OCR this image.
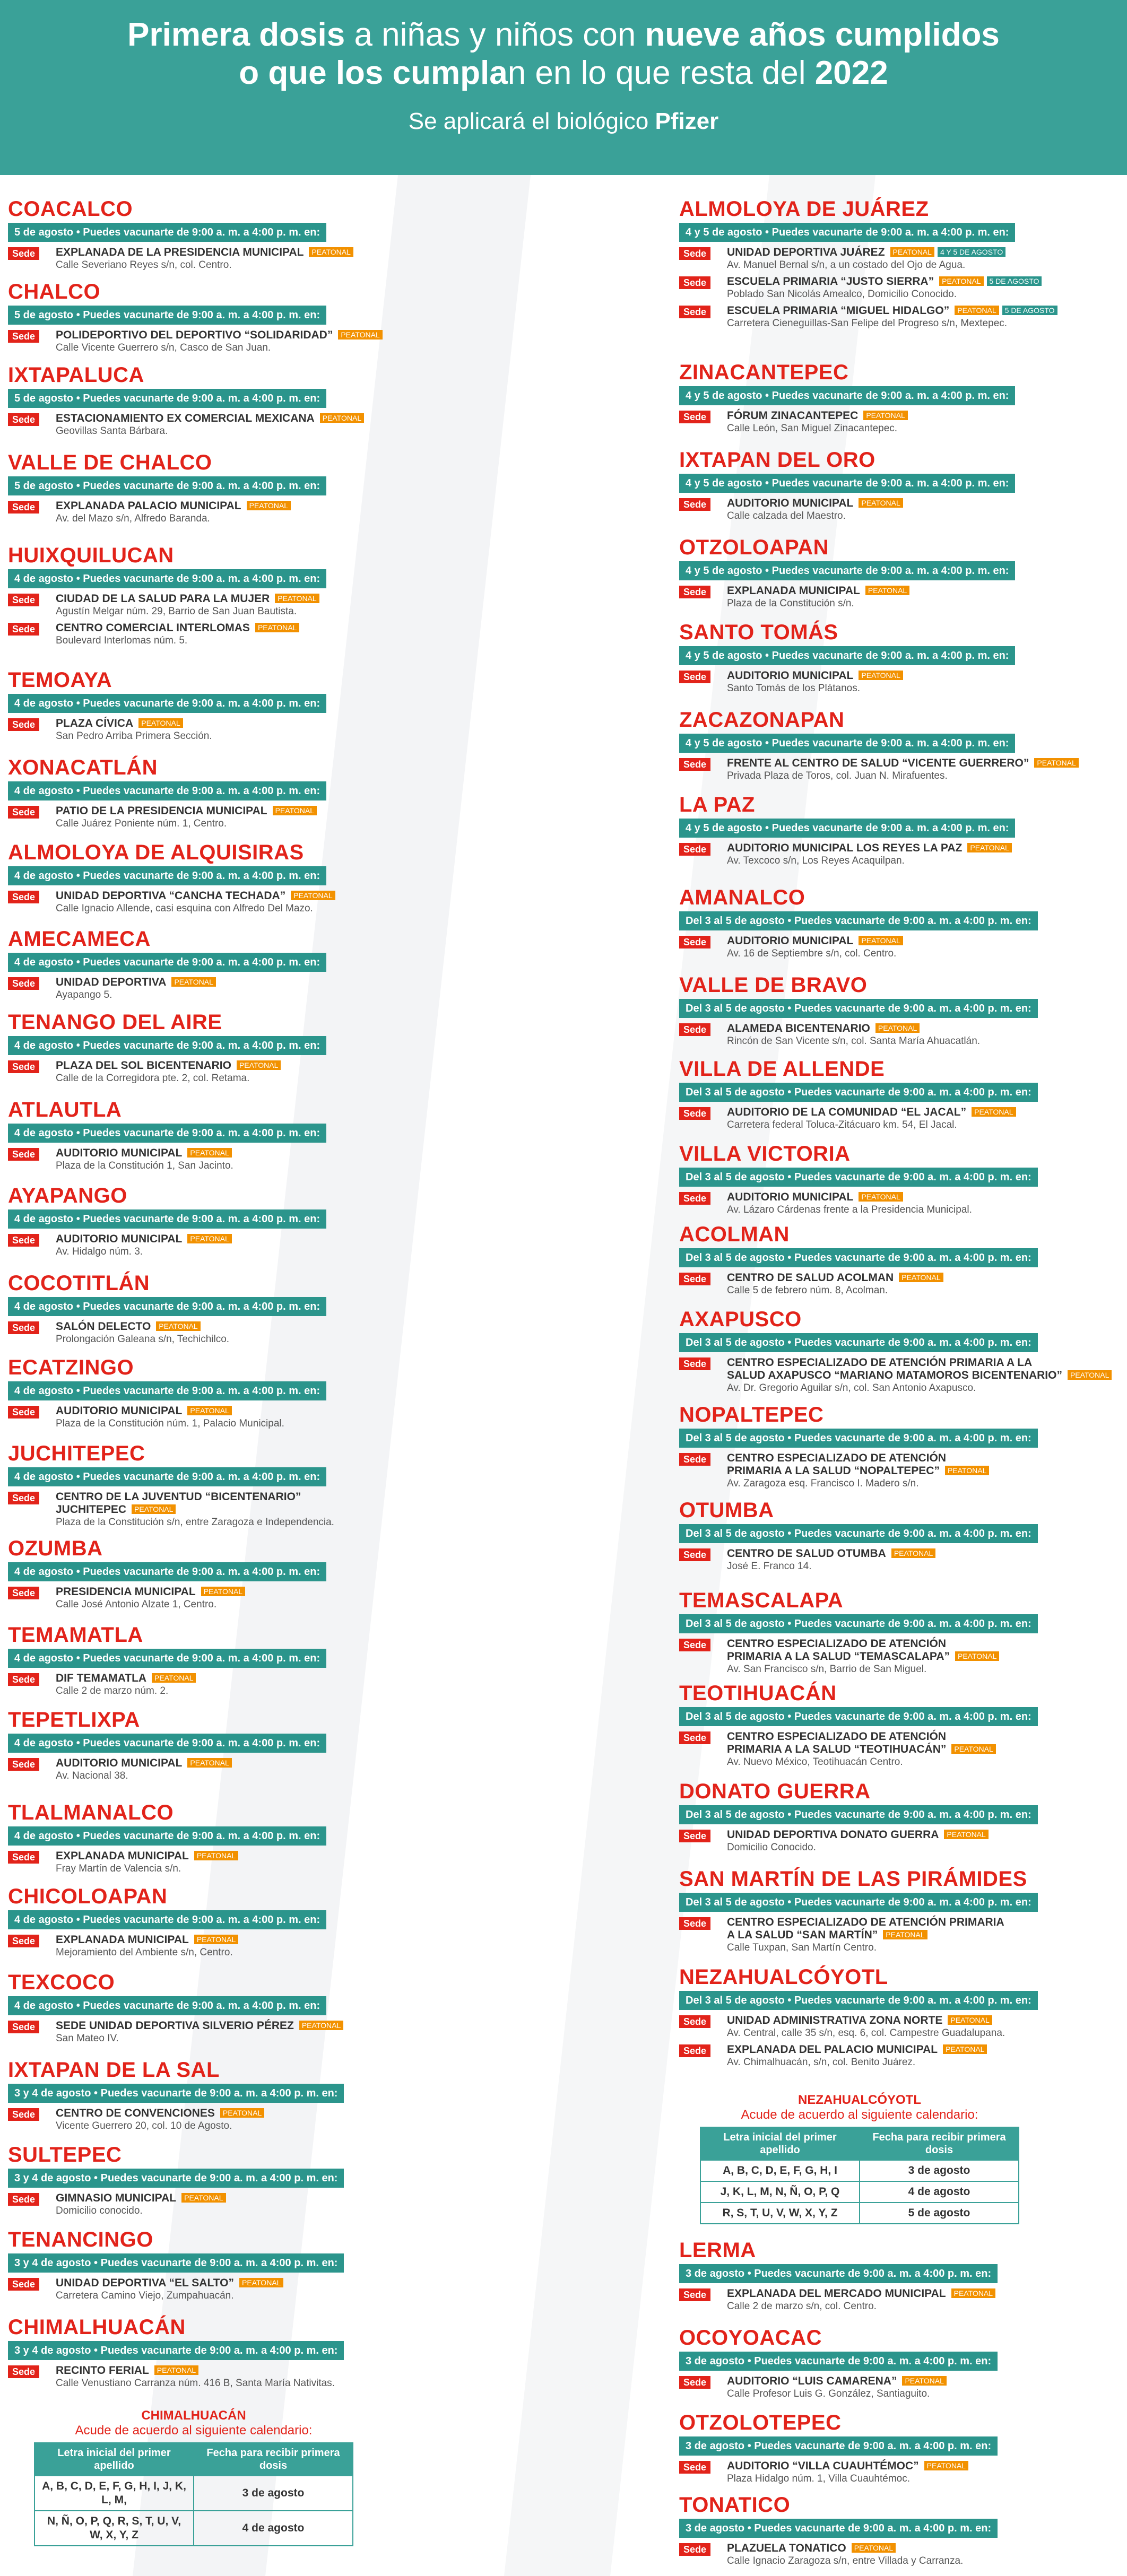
Primera dosis a niñas y niños con nueve años cumplidos
o que los cumplan en lo que resta del 2022
Se aplicará el biológico Pfizer
COACALCO
5 de agosto • Puedes vacunarte de 9:00 a. m. a 4:00 p. m. en:
Sede	EXPLANADA DE LA PRESIDENCIA MUNICIPAL PEATONAL
Calle Severiano Reyes s/n, col. Centro.
CHALCO
5 de agosto • Puedes vacunarte de 9:00 a. m. a 4:00 p. m. en:
Sede	POLIDEPORTIVO DEL DEPORTIVO “SOLIDARIDAD” PEATONAL
Calle Vicente Guerrero s/n, Casco de San Juan.
IXTAPALUCA
5 de agosto • Puedes vacunarte de 9:00 a. m. a 4:00 p. m. en:
Sede	ESTACIONAMIENTO EX COMERCIAL MEXICANA PEATONAL
Geovillas Santa Bárbara.
VALLE DE CHALCO
5 de agosto • Puedes vacunarte de 9:00 a. m. a 4:00 p. m. en:
Sede	EXPLANADA PALACIO MUNICIPAL PEATONAL
Av. del Mazo s/n, Alfredo Baranda.
HUIXQUILUCAN
4 de agosto • Puedes vacunarte de 9:00 a. m. a 4:00 p. m. en:
Sede	CIUDAD DE LA SALUD PARA LA MUJER PEATONAL
Agustín Melgar núm. 29, Barrio de San Juan Bautista.
Sede	CENTRO COMERCIAL INTERLOMAS PEATONAL
Boulevard Interlomas núm. 5.
TEMOAYA
4 de agosto • Puedes vacunarte de 9:00 a. m. a 4:00 p. m. en:
Sede	PLAZA CÍVICA PEATONAL
San Pedro Arriba Primera Sección.
XONACATLÁN
4 de agosto • Puedes vacunarte de 9:00 a. m. a 4:00 p. m. en:
Sede	PATIO DE LA PRESIDENCIA MUNICIPAL PEATONAL
Calle Juárez Poniente núm. 1, Centro.
ALMOLOYA DE ALQUISIRAS
4 de agosto • Puedes vacunarte de 9:00 a. m. a 4:00 p. m. en:
Sede	UNIDAD DEPORTIVA “CANCHA TECHADA” PEATONAL
Calle Ignacio Allende, casi esquina con Alfredo Del Mazo.
AMECAMECA
4 de agosto • Puedes vacunarte de 9:00 a. m. a 4:00 p. m. en:
Sede	UNIDAD DEPORTIVA PEATONAL
Ayapango 5.
TENANGO DEL AIRE
4 de agosto • Puedes vacunarte de 9:00 a. m. a 4:00 p. m. en:
Sede	PLAZA DEL SOL BICENTENARIO PEATONAL
Calle de la Corregidora pte. 2, col. Retama.
ATLAUTLA
4 de agosto • Puedes vacunarte de 9:00 a. m. a 4:00 p. m. en:
Sede	AUDITORIO MUNICIPAL PEATONAL
Plaza de la Constitución 1, San Jacinto.
AYAPANGO
4 de agosto • Puedes vacunarte de 9:00 a. m. a 4:00 p. m. en:
Sede	AUDITORIO MUNICIPAL PEATONAL
Av. Hidalgo núm. 3.
COCOTITLÁN
4 de agosto • Puedes vacunarte de 9:00 a. m. a 4:00 p. m. en:
Sede	SALÓN DELECTO PEATONAL
Prolongación Galeana s/n, Techichilco.
ECATZINGO
4 de agosto • Puedes vacunarte de 9:00 a. m. a 4:00 p. m. en:
Sede	AUDITORIO MUNICIPAL PEATONAL
Plaza de la Constitución núm. 1, Palacio Municipal.
JUCHITEPEC
4 de agosto • Puedes vacunarte de 9:00 a. m. a 4:00 p. m. en:
Sede	CENTRO DE LA JUVENTUD “BICENTENARIO”
JUCHITEPEC PEATONAL
Plaza de la Constitución s/n, entre Zaragoza e Independencia.
OZUMBA
4 de agosto • Puedes vacunarte de 9:00 a. m. a 4:00 p. m. en:
Sede	PRESIDENCIA MUNICIPAL PEATONAL
Calle José Antonio Alzate 1, Centro.
TEMAMATLA
4 de agosto • Puedes vacunarte de 9:00 a. m. a 4:00 p. m. en:
Sede	DIF TEMAMATLA PEATONAL
Calle 2 de marzo núm. 2.
TEPETLIXPA
4 de agosto • Puedes vacunarte de 9:00 a. m. a 4:00 p. m. en:
Sede	AUDITORIO MUNICIPAL PEATONAL
Av. Nacional 38.
TLALMANALCO
4 de agosto • Puedes vacunarte de 9:00 a. m. a 4:00 p. m. en:
Sede	EXPLANADA MUNICIPAL PEATONAL
Fray Martín de Valencia s/n.
CHICOLOAPAN
4 de agosto • Puedes vacunarte de 9:00 a. m. a 4:00 p. m. en:
Sede	EXPLANADA MUNICIPAL PEATONAL
Mejoramiento del Ambiente s/n, Centro.
TEXCOCO
4 de agosto • Puedes vacunarte de 9:00 a. m. a 4:00 p. m. en:
Sede	SEDE UNIDAD DEPORTIVA SILVERIO PÉREZ PEATONAL
San Mateo IV.
IXTAPAN DE LA SAL
3 y 4 de agosto • Puedes vacunarte de 9:00 a. m. a 4:00 p. m. en:
Sede	CENTRO DE CONVENCIONES PEATONAL
Vicente Guerrero 20, col. 10 de Agosto.
SULTEPEC
3 y 4 de agosto • Puedes vacunarte de 9:00 a. m. a 4:00 p. m. en:
Sede	GIMNASIO MUNICIPAL PEATONAL
Domicilio conocido.
TENANCINGO
3 y 4 de agosto • Puedes vacunarte de 9:00 a. m. a 4:00 p. m. en:
Sede	UNIDAD DEPORTIVA “EL SALTO” PEATONAL
Carretera Camino Viejo, Zumpahuacán.
CHIMALHUACÁN
3 y 4 de agosto • Puedes vacunarte de 9:00 a. m. a 4:00 p. m. en:
Sede	RECINTO FERIAL PEATONAL
Calle Venustiano Carranza núm. 416 B, Santa María Nativitas.
ALMOLOYA DE JUÁREZ
4 y 5 de agosto • Puedes vacunarte de 9:00 a. m. a 4:00 p. m. en:
Sede	UNIDAD DEPORTIVA JUÁREZ PEATONAL 4 Y 5 DE AGOSTO
Av. Manuel Bernal s/n, a un costado del Ojo de Agua.
Sede	ESCUELA PRIMARIA “JUSTO SIERRA” PEATONAL 5 DE AGOSTO
Poblado San Nicolás Amealco, Domicilio Conocido.
Sede	ESCUELA PRIMARIA “MIGUEL HIDALGO” PEATONAL 5 DE AGOSTO
Carretera Cieneguillas-San Felipe del Progreso s/n, Mextepec.
ZINACANTEPEC
4 y 5 de agosto • Puedes vacunarte de 9:00 a. m. a 4:00 p. m. en:
Sede	FÓRUM ZINACANTEPEC PEATONAL
Calle León, San Miguel Zinacantepec.
IXTAPAN DEL ORO
4 y 5 de agosto • Puedes vacunarte de 9:00 a. m. a 4:00 p. m. en:
Sede	AUDITORIO MUNICIPAL PEATONAL
Calle calzada del Maestro.
OTZOLOAPAN
4 y 5 de agosto • Puedes vacunarte de 9:00 a. m. a 4:00 p. m. en:
Sede	EXPLANADA MUNICIPAL PEATONAL
Plaza de la Constitución s/n.
SANTO TOMÁS
4 y 5 de agosto • Puedes vacunarte de 9:00 a. m. a 4:00 p. m. en:
Sede	AUDITORIO MUNICIPAL PEATONAL
Santo Tomás de los Plátanos.
ZACAZONAPAN
4 y 5 de agosto • Puedes vacunarte de 9:00 a. m. a 4:00 p. m. en:
Sede	FRENTE AL CENTRO DE SALUD “VICENTE GUERRERO” PEATONAL
Privada Plaza de Toros, col. Juan N. Mirafuentes.
LA PAZ
4 y 5 de agosto • Puedes vacunarte de 9:00 a. m. a 4:00 p. m. en:
Sede	AUDITORIO MUNICIPAL LOS REYES LA PAZ PEATONAL
Av. Texcoco s/n, Los Reyes Acaquilpan.
AMANALCO
Del 3 al 5 de agosto • Puedes vacunarte de 9:00 a. m. a 4:00 p. m. en:
Sede	AUDITORIO MUNICIPAL PEATONAL
Av. 16 de Septiembre s/n, col. Centro.
VALLE DE BRAVO
Del 3 al 5 de agosto • Puedes vacunarte de 9:00 a. m. a 4:00 p. m. en:
Sede	ALAMEDA BICENTENARIO PEATONAL
Rincón de San Vicente s/n, col. Santa María Ahuacatlán.
VILLA DE ALLENDE
Del 3 al 5 de agosto • Puedes vacunarte de 9:00 a. m. a 4:00 p. m. en:
Sede	AUDITORIO DE LA COMUNIDAD “EL JACAL” PEATONAL
Carretera federal Toluca-Zitácuaro km. 54, El Jacal.
VILLA VICTORIA
Del 3 al 5 de agosto • Puedes vacunarte de 9:00 a. m. a 4:00 p. m. en:
Sede	AUDITORIO MUNICIPAL PEATONAL
Av. Lázaro Cárdenas frente a la Presidencia Municipal.
ACOLMAN
Del 3 al 5 de agosto • Puedes vacunarte de 9:00 a. m. a 4:00 p. m. en:
Sede	CENTRO DE SALUD ACOLMAN PEATONAL
Calle 5 de febrero núm. 8, Acolman.
AXAPUSCO
Del 3 al 5 de agosto • Puedes vacunarte de 9:00 a. m. a 4:00 p. m. en:
Sede	CENTRO ESPECIALIZADO DE ATENCIÓN PRIMARIA A LA
SALUD AXAPUSCO “MARIANO MATAMOROS BICENTENARIO” PEATONAL
Av. Dr. Gregorio Aguilar s/n, col. San Antonio Axapusco.
NOPALTEPEC
Del 3 al 5 de agosto • Puedes vacunarte de 9:00 a. m. a 4:00 p. m. en:
Sede	CENTRO ESPECIALIZADO DE ATENCIÓN
PRIMARIA A LA SALUD “NOPALTEPEC” PEATONAL
Av. Zaragoza esq. Francisco I. Madero s/n.
OTUMBA
Del 3 al 5 de agosto • Puedes vacunarte de 9:00 a. m. a 4:00 p. m. en:
Sede	CENTRO DE SALUD OTUMBA PEATONAL
José E. Franco 14.
TEMASCALAPA
Del 3 al 5 de agosto • Puedes vacunarte de 9:00 a. m. a 4:00 p. m. en:
Sede	CENTRO ESPECIALIZADO DE ATENCIÓN
PRIMARIA A LA SALUD “TEMASCALAPA” PEATONAL
Av. San Francisco s/n, Barrio de San Miguel.
TEOTIHUACÁN
Del 3 al 5 de agosto • Puedes vacunarte de 9:00 a. m. a 4:00 p. m. en:
Sede	CENTRO ESPECIALIZADO DE ATENCIÓN
PRIMARIA A LA SALUD “TEOTIHUACÁN” PEATONAL
Av. Nuevo México, Teotihuacán Centro.
DONATO GUERRA
Del 3 al 5 de agosto • Puedes vacunarte de 9:00 a. m. a 4:00 p. m. en:
Sede	UNIDAD DEPORTIVA DONATO GUERRA PEATONAL
Domicilio Conocido.
SAN MARTÍN DE LAS PIRÁMIDES
Del 3 al 5 de agosto • Puedes vacunarte de 9:00 a. m. a 4:00 p. m. en:
Sede	CENTRO ESPECIALIZADO DE ATENCIÓN PRIMARIA
A LA SALUD “SAN MARTÍN” PEATONAL
Calle Tuxpan, San Martín Centro.
NEZAHUALCÓYOTL
Del 3 al 5 de agosto • Puedes vacunarte de 9:00 a. m. a 4:00 p. m. en:
Sede	UNIDAD ADMINISTRATIVA ZONA NORTE PEATONAL
Av. Central, calle 35 s/n, esq. 6, col. Campestre Guadalupana.
Sede	EXPLANADA DEL PALACIO MUNICIPAL PEATONAL
Av. Chimalhuacán, s/n, col. Benito Juárez.
LERMA
3 de agosto • Puedes vacunarte de 9:00 a. m. a 4:00 p. m. en:
Sede	EXPLANADA DEL MERCADO MUNICIPAL PEATONAL
Calle 2 de marzo s/n, col. Centro.
OCOYOACAC
3 de agosto • Puedes vacunarte de 9:00 a. m. a 4:00 p. m. en:
Sede	AUDITORIO “LUIS CAMARENA” PEATONAL
Calle Profesor Luis G. González, Santiaguito.
OTZOLOTEPEC
3 de agosto • Puedes vacunarte de 9:00 a. m. a 4:00 p. m. en:
Sede	AUDITORIO “VILLA CUAUHTÉMOC” PEATONAL
Plaza Hidalgo núm. 1, Villa Cuauhtémoc.
TONATICO
3 de agosto • Puedes vacunarte de 9:00 a. m. a 4:00 p. m. en:
Sede	PLAZUELA TONATICO PEATONAL
Calle Ignacio Zaragoza s/n, entre Villada y Carranza.
CHIMALHUACÁN
Acude de acuerdo al siguiente calendario:
Letra inicial del primer apellido	Fecha para recibir primera dosis
A, B, C, D, E, F, G, H, I, J, K, L, M,	3 de agosto
N, Ñ, O, P, Q, R, S, T, U, V, W, X, Y, Z	4 de agosto
NEZAHUALCÓYOTL
Acude de acuerdo al siguiente calendario:
Letra inicial del primer apellido	Fecha para recibir primera dosis
A, B, C, D, E, F, G, H, I	3 de agosto
J, K, L, M, N, Ñ, O, P, Q	4 de agosto
R, S, T, U, V, W, X, Y, Z	5 de agosto
